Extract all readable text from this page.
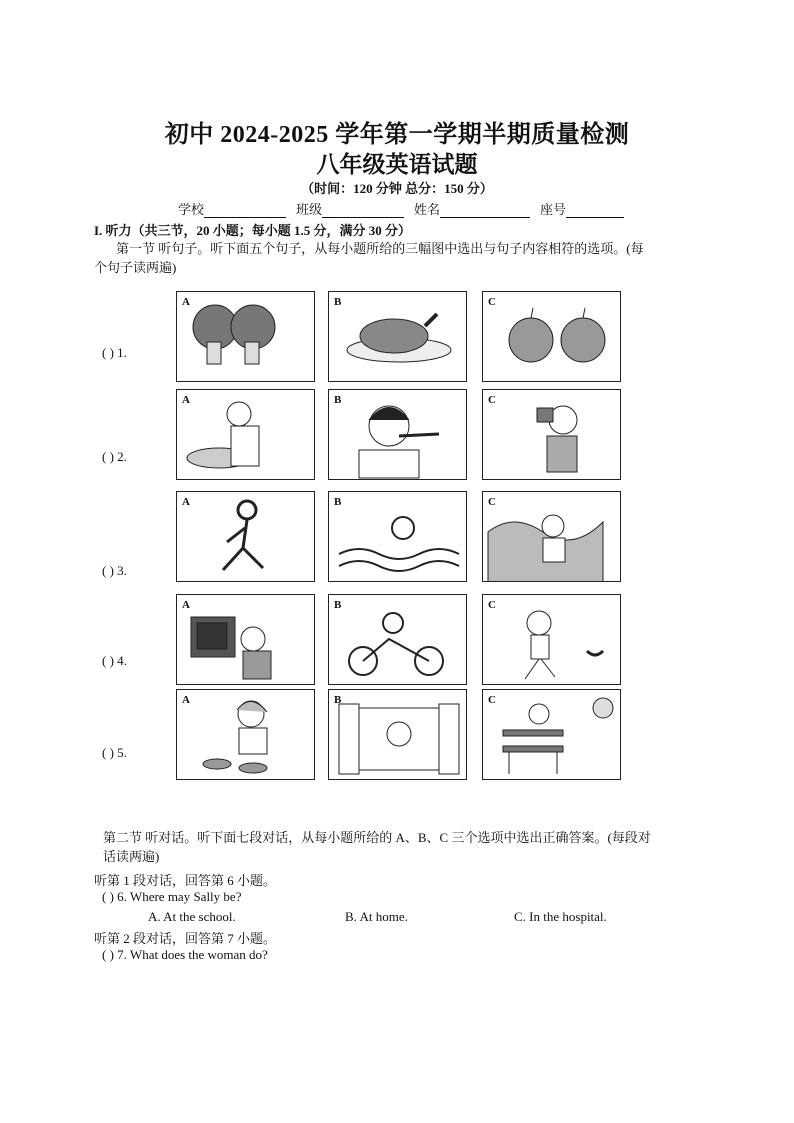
初中 2024-2025 学年第一学期半期质量检测
八年级英语试题
（时间：120 分钟 总分：150 分）
学校	班级	姓名	座号
I. 听力（共三节，20 小题；每小题 1.5 分，满分 30 分）
第一节 听句子。听下面五个句子，从每小题所给的三幅图中选出与句子内容相符的选项。(每
个句子读两遍)
( ) 1.
A	B	C
( ) 2.
A	B	C
( ) 3.
A	B	C
( ) 4.
A	B	C
( ) 5.
A	B	C
第二节 听对话。听下面七段对话，从每小题所给的 A、B、C 三个选项中选出正确答案。(每段对
话读两遍)
听第 1 段对话，回答第 6 小题。
( ) 6. Where may Sally be?
A. At the school.	B. At home.	C. In the hospital.
听第 2 段对话，回答第 7 小题。
( ) 7. What does the woman do?
